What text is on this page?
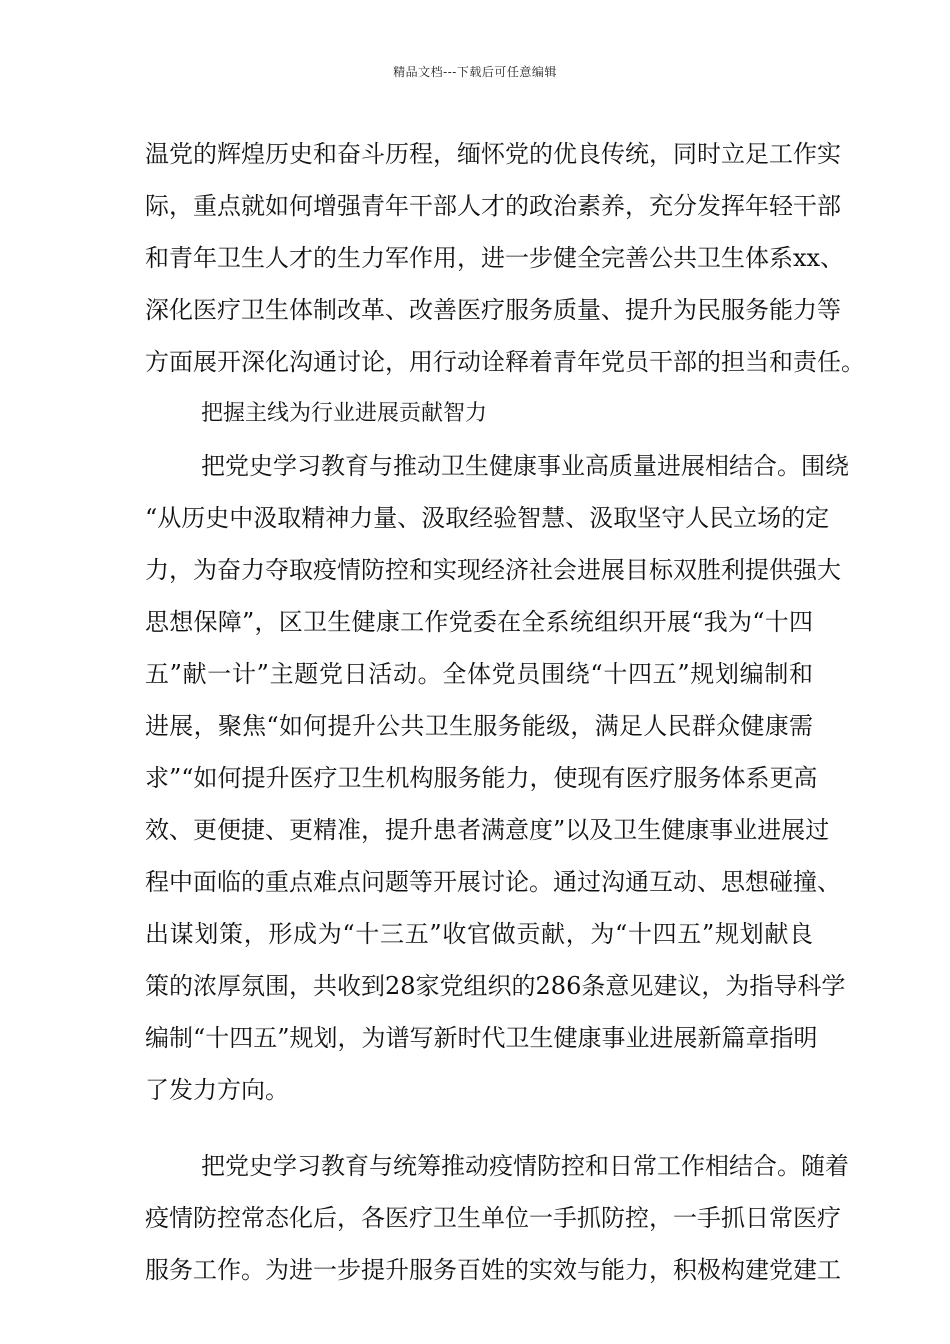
精品文档---下载后可任意编辑
温党的辉煌历史和奋斗历程，缅怀党的优良传统，同时立足工作实
际，重点就如何增强青年干部人才的政治素养，充分发挥年轻干部
和青年卫生人才的生力军作用，进一步健全完善公共卫生体系xx、
深化医疗卫生体制改革、改善医疗服务质量、提升为民服务能力等
方面展开深化沟通讨论，用行动诠释着青年党员干部的担当和责任。
把握主线为行业进展贡献智力
把党史学习教育与推动卫生健康事业高质量进展相结合。围绕
“从历史中汲取精神力量、汲取经验智慧、汲取坚守人民立场的定
力，为奋力夺取疫情防控和实现经济社会进展目标双胜利提供强大
思想保障”，区卫生健康工作党委在全系统组织开展“我为“十四
五”献一计”主题党日活动。全体党员围绕“十四五”规划编制和
进展，聚焦“如何提升公共卫生服务能级，满足人民群众健康需
求”“如何提升医疗卫生机构服务能力，使现有医疗服务体系更高
效、更便捷、更精准，提升患者满意度”以及卫生健康事业进展过
程中面临的重点难点问题等开展讨论。通过沟通互动、思想碰撞、
出谋划策，形成为“十三五”收官做贡献，为“十四五”规划献良
策的浓厚氛围，共收到28家党组织的286条意见建议，为指导科学
编制“十四五”规划，为谱写新时代卫生健康事业进展新篇章指明
了发力方向。
把党史学习教育与统筹推动疫情防控和日常工作相结合。随着
疫情防控常态化后，各医疗卫生单位一手抓防控，一手抓日常医疗
服务工作。为进一步提升服务百姓的实效与能力，积极构建党建工
